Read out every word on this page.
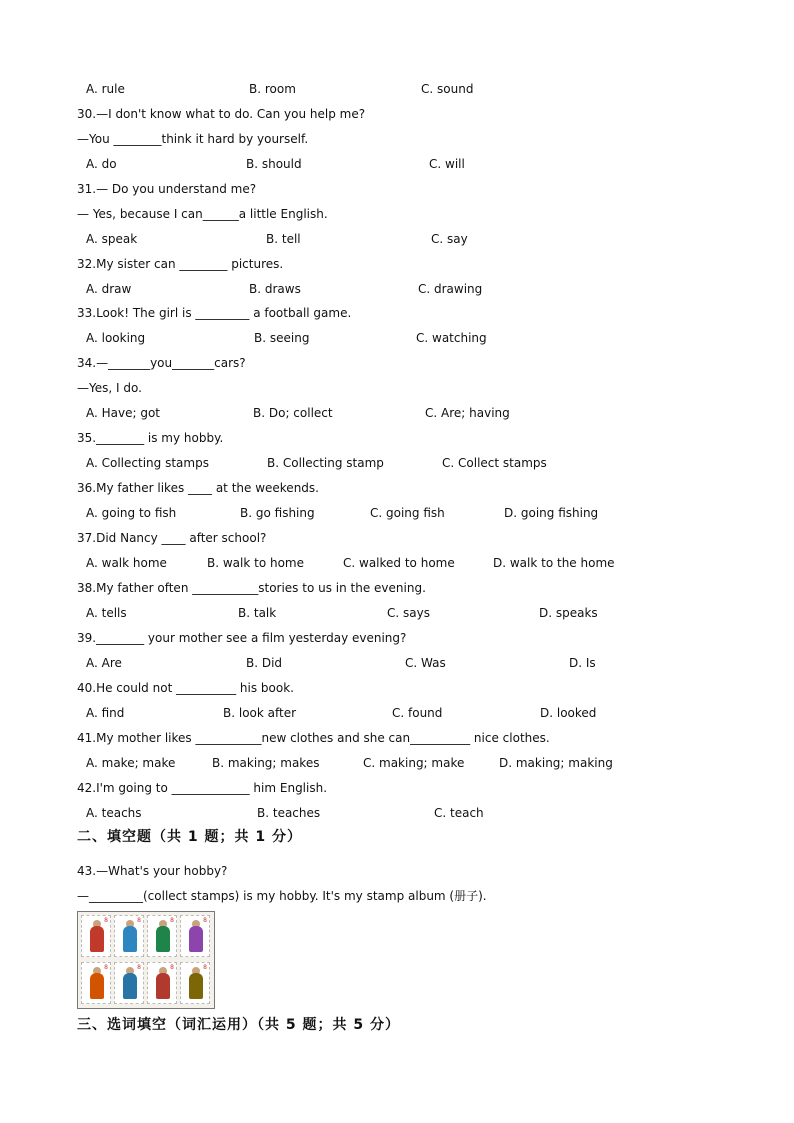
A. rule	B. room	C. sound
30.—I don't know what to do. Can you help me?
—You ________think it hard by yourself.
A. do	B. should	C. will
31.— Do you understand me?
— Yes, because I can______a little English.
A. speak	B. tell	C. say
32.My sister can ________ pictures.
A. draw	B. draws	C. drawing
33.Look! The girl is _________ a football game.
A. looking	B. seeing	C. watching
34.—_______you_______cars?
—Yes, I do.
A. Have; got	B. Do; collect	C. Are; having
35.________ is my hobby.
A. Collecting stamps	B. Collecting stamp	C. Collect stamps
36.My father likes ____ at the weekends.
A. going to fish	B. go fishing	C. going fish	D. going fishing
37.Did Nancy ____ after school?
A. walk home	B. walk to home	C. walked to home	D. walk to the home
38.My father often ___________stories to us in the evening.
A. tells	B. talk	C. says	D. speaks
39.________ your mother see a film yesterday evening?
A. Are	B. Did	C. Was	D. Is
40.He could not __________ his book.
A. find	B. look after	C. found	D. looked
41.My mother likes ___________new clothes and she can__________ nice clothes.
A. make; make	B. making; makes	C. making; make	D. making; making
42.I'm going to _____________ him English.
A. teachs	B. teaches	C. teach
二、填空题（共 1 题；共 1 分）
43.—What's your hobby?
—_________(collect stamps) is my hobby. It's my stamp album (册子).
8	8	8	8
8	8	8	8
三、选词填空（词汇运用）（共 5 题；共 5 分）
